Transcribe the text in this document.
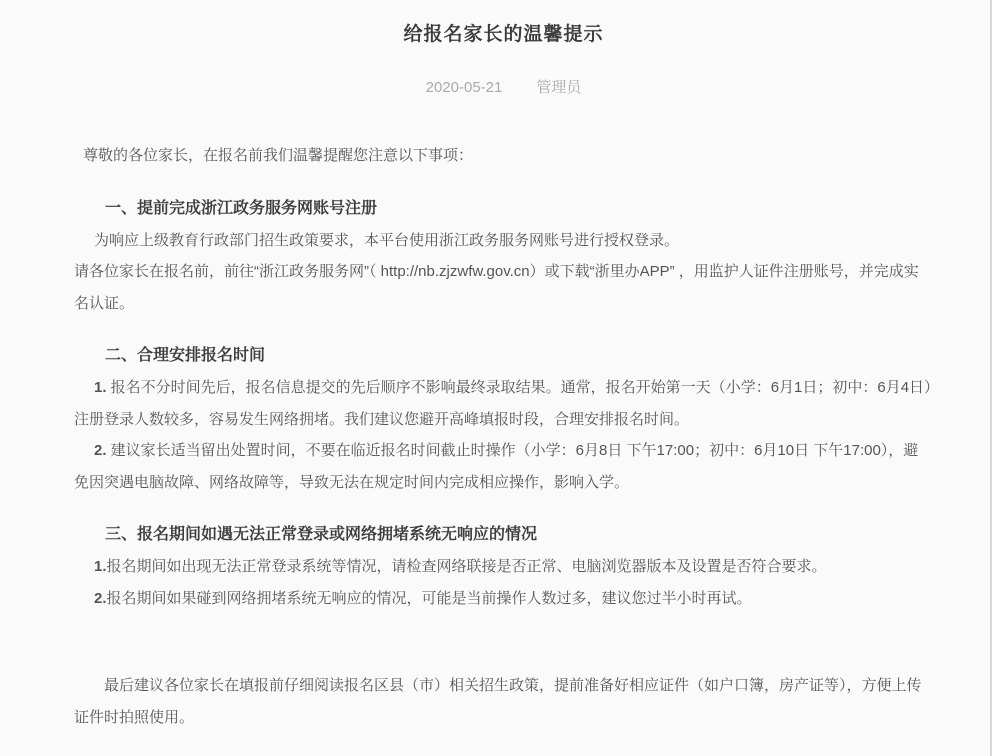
给报名家长的温馨提示
2020-05-21 管理员

尊敬的各位家长，在报名前我们温馨提醒您注意以下事项：

一、提前完成浙江政务服务网账号注册

为响应上级教育行政部门招生政策要求，本平台使用浙江政务服务网账号进行授权登录。

请各位家长在报名前，前往“浙江政务服务网”（ http://nb.zjzwfw.gov.cn）或下载“浙里办APP” ，用监护人证件注册账号，并完成实名认证。

二、合理安排报名时间

1. 报名不分时间先后，报名信息提交的先后顺序不影响最终录取结果。通常，报名开始第一天（小学：6月1日；初中：6月4日）注册登录人数较多，容易发生网络拥堵。我们建议您避开高峰填报时段，合理安排报名时间。

2. 建议家长适当留出处置时间，不要在临近报名时间截止时操作（小学：6月8日 下午17:00；初中：6月10日 下午17:00），避免因突遇电脑故障、网络故障等，导致无法在规定时间内完成相应操作，影响入学。

三、报名期间如遇无法正常登录或网络拥堵系统无响应的情况

1.报名期间如出现无法正常登录系统等情况，请检查网络联接是否正常、电脑浏览器版本及设置是否符合要求。

2.报名期间如果碰到网络拥堵系统无响应的情况，可能是当前操作人数过多，建议您过半小时再试。

最后建议各位家长在填报前仔细阅读报名区县（市）相关招生政策，提前准备好相应证件（如户口簿，房产证等），方便上传证件时拍照使用。
